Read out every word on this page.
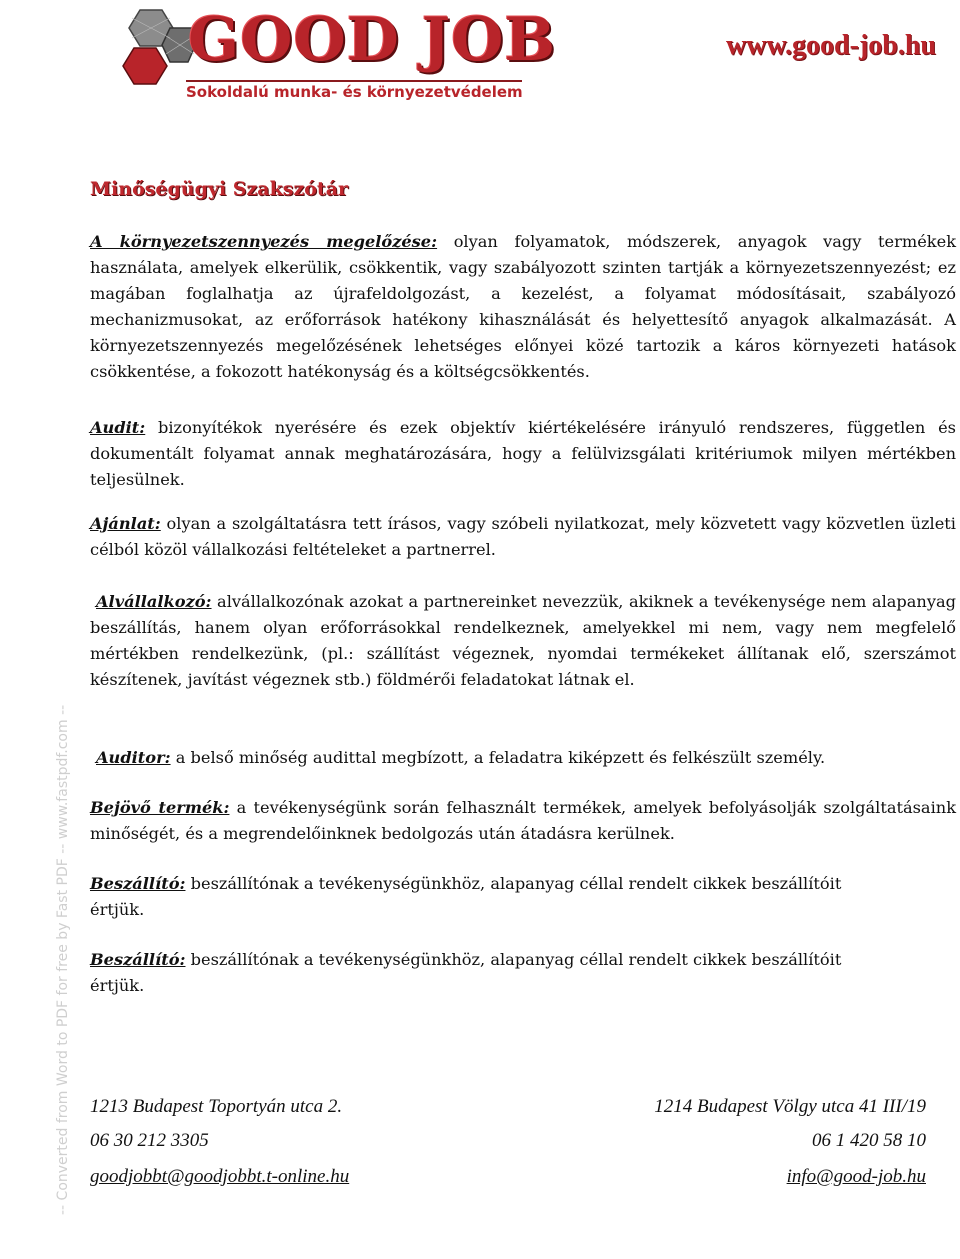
GOOD JOB
Sokoldalú munka- és környezetvédelem
www.good-job.hu
-- Converted from Word to PDF for free by Fast PDF -- www.fastpdf.com --
Minőségügyi Szakszótár

A környezetszennyezés megelőzése: olyan folyamatok, módszerek, anyagok vagy termékek használata, amelyek elkerülik, csökkentik, vagy szabályozott szinten tartják a környezetszennyezést; ez magában foglalhatja az újrafeldolgozást, a kezelést, a folyamat módosításait, szabályozó mechanizmusokat, az erőforrások hatékony kihasználását és helyettesítő anyagok alkalmazását. A környezetszennyezés megelőzésének lehetséges előnyei közé tartozik a káros környezeti hatások csökkentése, a fokozott hatékonyság és a költségcsökkentés.

Audit: bizonyítékok nyerésére és ezek objektív kiértékelésére irányuló rendszeres, független és dokumentált folyamat annak meghatározására, hogy a felülvizsgálati kritériumok milyen mértékben teljesülnek.

Ajánlat: olyan a szolgáltatásra tett írásos, vagy szóbeli nyilatkozat, mely közvetett vagy közvetlen üzleti célból közöl vállalkozási feltételeket a partnerrel.

Alvállalkozó: alvállalkozónak azokat a partnereinket nevezzük, akiknek a tevékenysége nem alapanyag beszállítás, hanem olyan erőforrásokkal rendelkeznek, amelyekkel mi nem, vagy nem megfelelő mértékben rendelkezünk, (pl.: szállítást végeznek, nyomdai termékeket állítanak elő, szerszámot készítenek, javítást végeznek stb.) földmérői feladatokat látnak el.

Auditor: a belső minőség audittal megbízott, a feladatra kiképzett és felkészült személy.

Bejövő termék: a tevékenységünk során felhasznált termékek, amelyek befolyásolják szolgáltatásaink minőségét, és a megrendelőinknek bedolgozás után átadásra kerülnek.

Beszállító: beszállítónak a tevékenységünkhöz, alapanyag céllal rendelt cikkek beszállítóit értjük.

Beszállító: beszállítónak a tevékenységünkhöz, alapanyag céllal rendelt cikkek beszállítóit értjük.

1213 Budapest Toportyán utca 2.	1214 Budapest Völgy utca 41 III/19
06 30 212 3305	06 1 420 58 10
goodjobbt@goodjobbt.t-online.hu	info@good-job.hu
